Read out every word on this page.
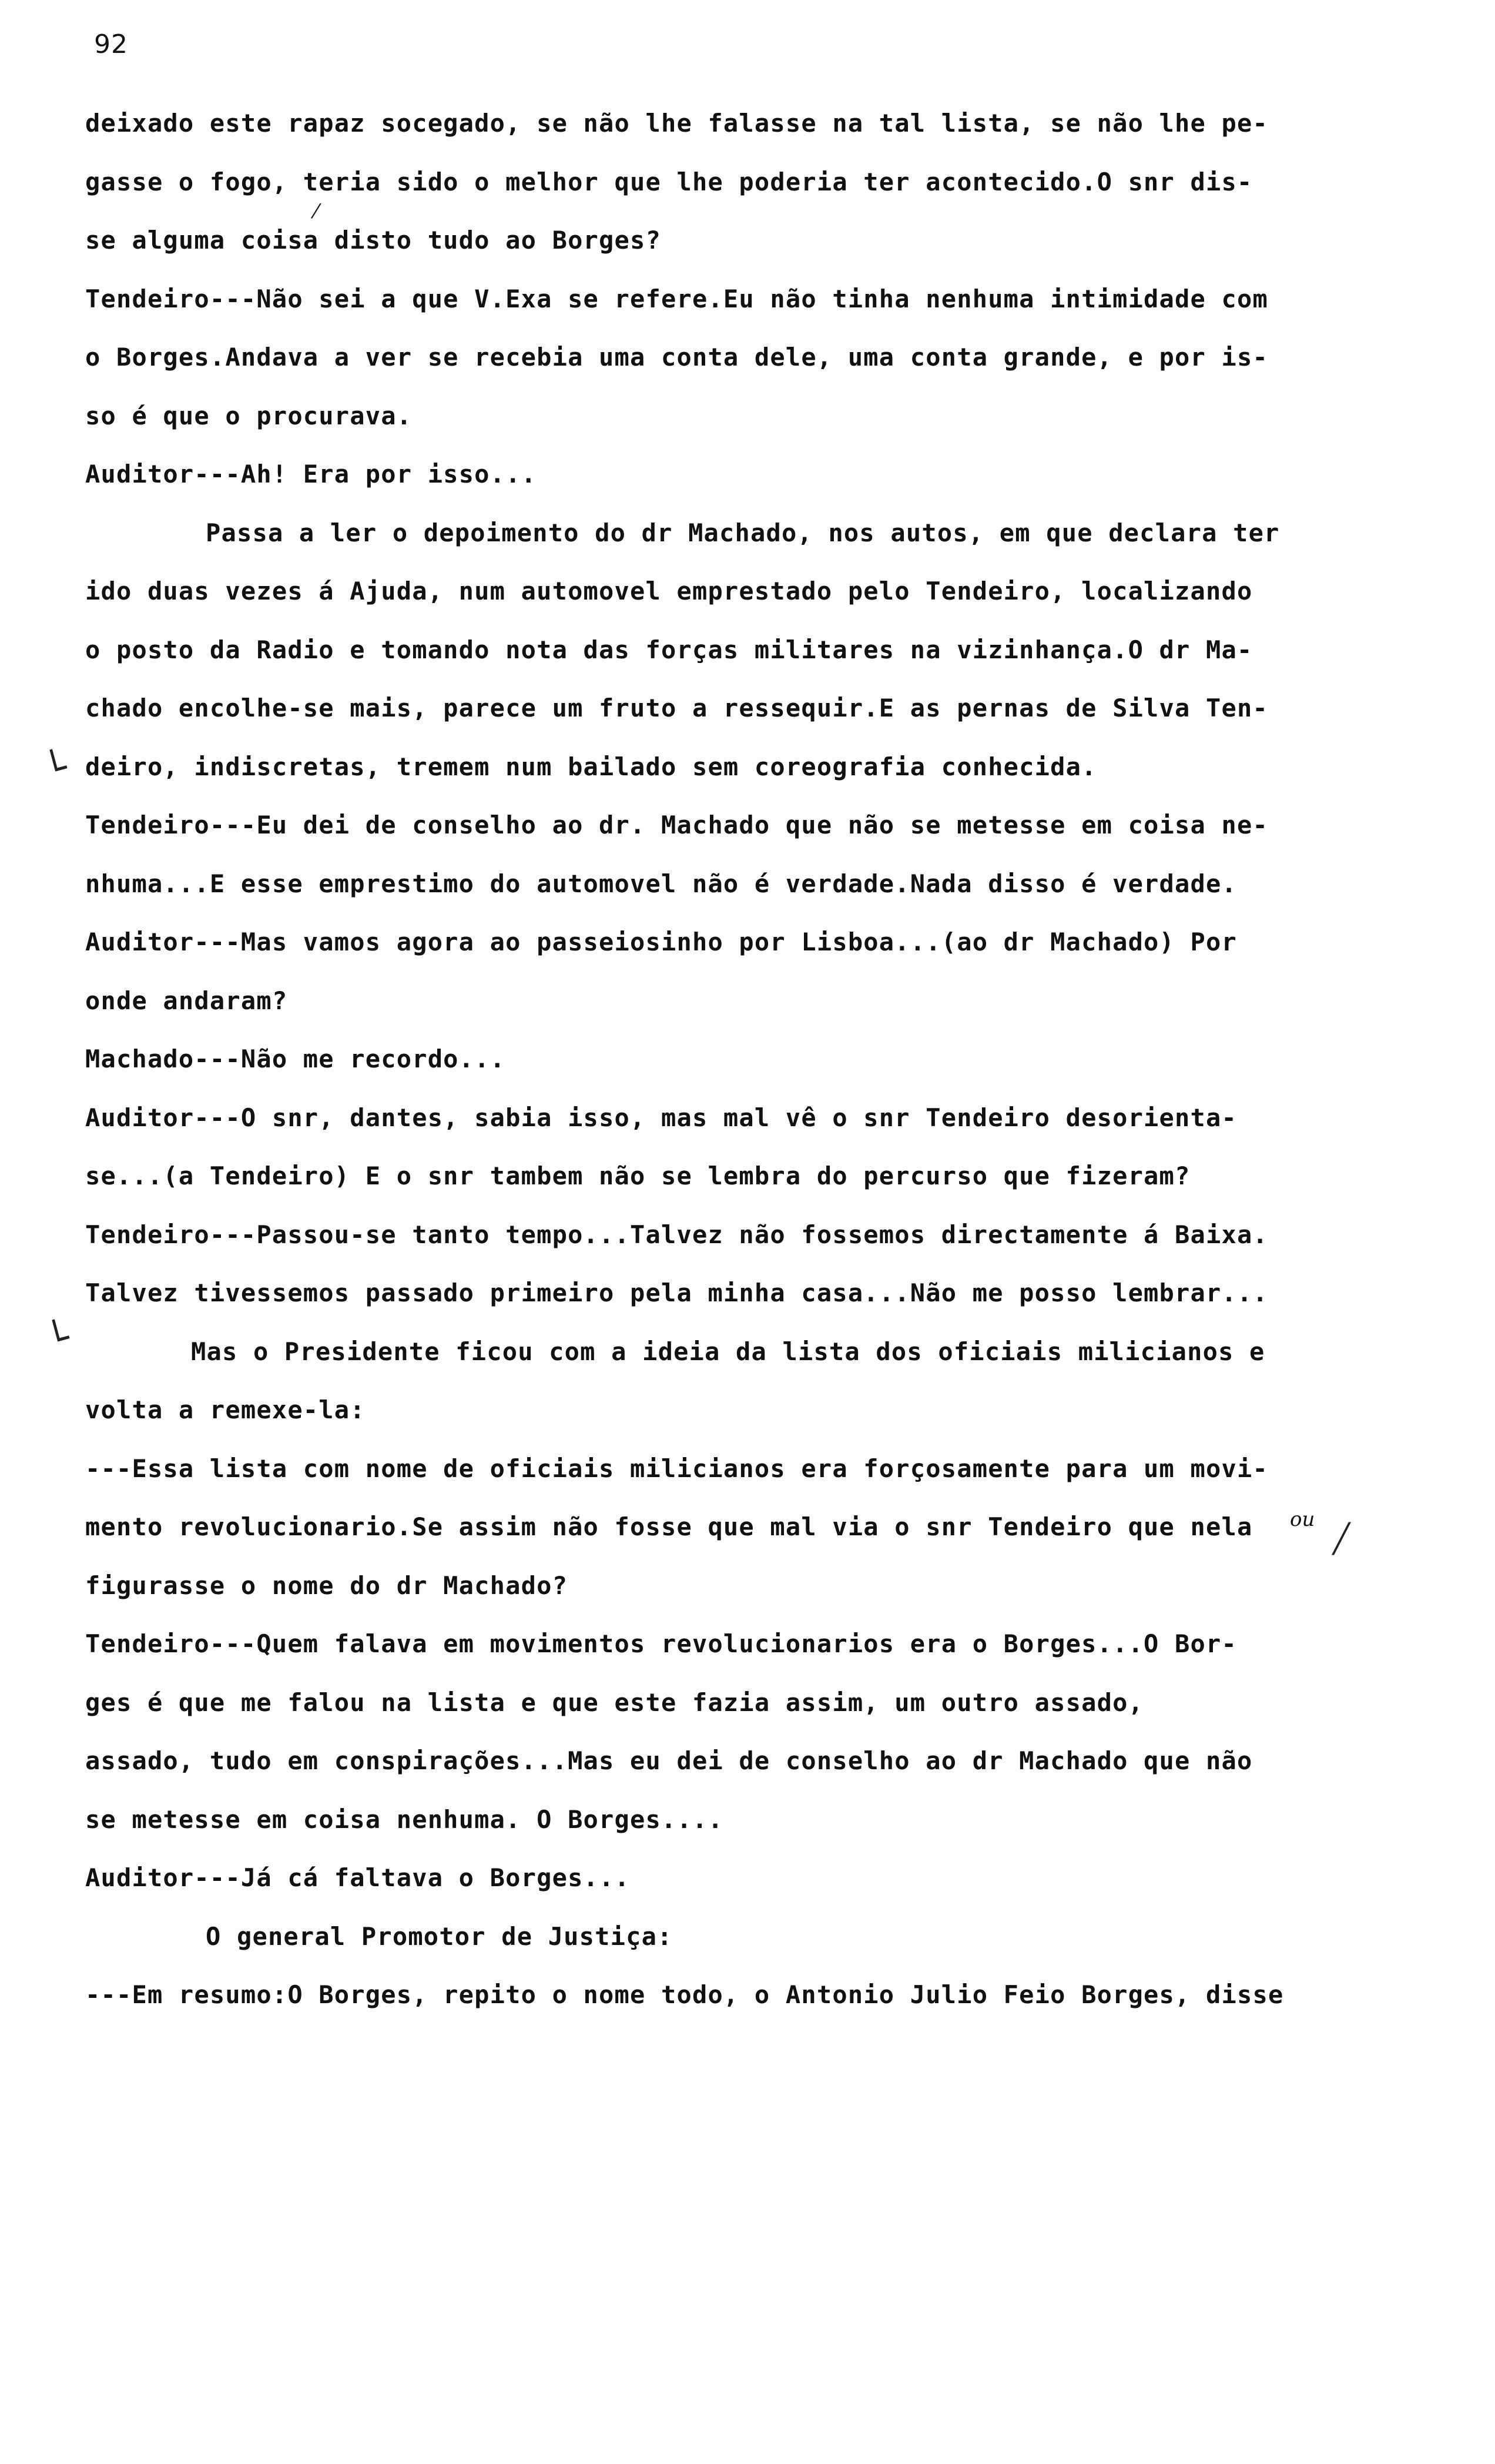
92
deixado este rapaz socegado, se não lhe falasse na tal lista, se não lhe pe-
gasse o fogo, teria sido o melhor que lhe poderia ter acontecido.O snr dis-
se alguma coisa disto tudo ao Borges?
Tendeiro---Não sei a que V.Exa se refere.Eu não tinha nenhuma intimidade com
o Borges.Andava a ver se recebia uma conta dele, uma conta grande, e por is-
so é que o procurava.
Auditor---Ah! Era por isso...
Passa a ler o depoimento do dr Machado, nos autos, em que declara ter
ido duas vezes á Ajuda, num automovel emprestado pelo Tendeiro, localizando
o posto da Radio e tomando nota das forças militares na vizinhança.O dr Ma-
chado encolhe-se mais, parece um fruto a ressequir.E as pernas de Silva Ten-
deiro, indiscretas, tremem num bailado sem coreografia conhecida.
Tendeiro---Eu dei de conselho ao dr. Machado que não se metesse em coisa ne-
nhuma...E esse emprestimo do automovel não é verdade.Nada disso é verdade.
Auditor---Mas vamos agora ao passeiosinho por Lisboa...(ao dr Machado) Por
onde andaram?
Machado---Não me recordo...
Auditor---O snr, dantes, sabia isso, mas mal vê o snr Tendeiro desorienta-
se...(a Tendeiro) E o snr tambem não se lembra do percurso que fizeram?
Tendeiro---Passou-se tanto tempo...Talvez não fossemos directamente á Baixa.
Talvez tivessemos passado primeiro pela minha casa...Não me posso lembrar...
Mas o Presidente ficou com a ideia da lista dos oficiais milicianos e
volta a remexe-la:
---Essa lista com nome de oficiais milicianos era forçosamente para um movi-
mento revolucionario.Se assim não fosse que mal via o snr Tendeiro que nela
figurasse o nome do dr Machado?
Tendeiro---Quem falava em movimentos revolucionarios era o Borges...O Bor-
ges é que me falou na lista e que este fazia assim, um outro assado,
assado, tudo em conspirações...Mas eu dei de conselho ao dr Machado que não
se metesse em coisa nenhuma. O Borges....
Auditor---Já cá faltava o Borges...
O general Promotor de Justiça:
---Em resumo:O Borges, repito o nome todo, o Antonio Julio Feio Borges, disse
└
└
╱
ou
⁄
